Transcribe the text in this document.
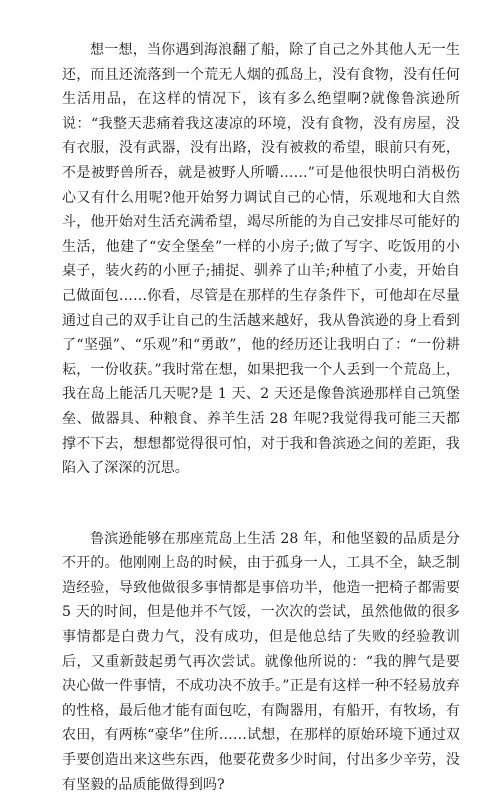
想一想，当你遇到海浪翻了船，除了自己之外其他人无一生还，而且还流落到一个荒无人烟的孤岛上，没有食物，没有任何生活用品，在这样的情况下，该有多么绝望啊?就像鲁滨逊所说：“我整天悲痛着我这凄凉的环境，没有食物，没有房屋，没有衣服，没有武器，没有出路，没有被救的希望，眼前只有死，不是被野兽所吞，就是被野人所嚼……”可是他很快明白消极伤心又有什么用呢?他开始努力调试自己的心情，乐观地和大自然斗，他开始对生活充满希望，竭尽所能的为自己安排尽可能好的生活，他建了“安全堡垒”一样的小房子;做了写字、吃饭用的小桌子，装火药的小匣子;捕捉、驯养了山羊;种植了小麦，开始自己做面包……你看，尽管是在那样的生存条件下，可他却在尽量通过自己的双手让自己的生活越来越好，我从鲁滨逊的身上看到了“坚强”、“乐观”和“勇敢”，他的经历还让我明白了：“一份耕耘，一份收获。”我时常在想，如果把我一个人丢到一个荒岛上，我在岛上能活几天呢?是 1 天、2 天还是像鲁滨逊那样自己筑堡垒、做器具、种粮食、养羊生活 28 年呢?我觉得我可能三天都撑不下去，想想都觉得很可怕，对于我和鲁滨逊之间的差距，我陷入了深深的沉思。

鲁滨逊能够在那座荒岛上生活 28 年，和他坚毅的品质是分不开的。他刚刚上岛的时候，由于孤身一人，工具不全，缺乏制造经验，导致他做很多事情都是事倍功半，他造一把椅子都需要 5 天的时间，但是他并不气馁，一次次的尝试，虽然他做的很多事情都是白费力气，没有成功，但是他总结了失败的经验教训后，又重新鼓起勇气再次尝试。就像他所说的：“我的脾气是要决心做一件事情，不成功决不放手。”正是有这样一种不轻易放弃的性格，最后他才能有面包吃，有陶器用，有船开，有牧场，有农田，有两栋“豪华”住所……试想，在那样的原始环境下通过双手要创造出来这些东西，他要花费多少时间，付出多少辛劳，没有坚毅的品质能做得到吗?
